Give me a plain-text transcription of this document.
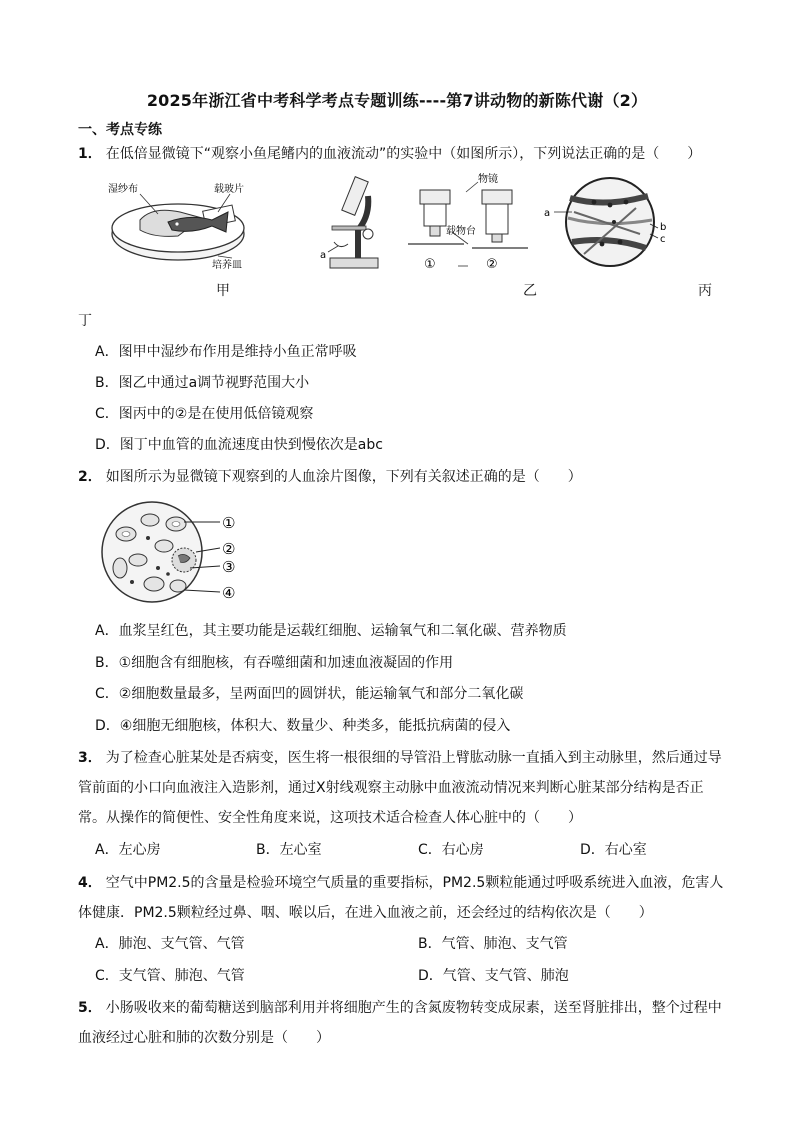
2025年浙江省中考科学考点专题训练----第7讲动物的新陈代谢（2）
一、考点专练
1． 在低倍显微镜下“观察小鱼尾鳍内的血液流动”的实验中（如图所示），下列说法正确的是（　　）
湿纱布	载玻片
培养皿
a
物镜
载物台
①	②
a
b
c
甲	乙	丙
丁
A．图甲中湿纱布作用是维持小鱼正常呼吸
B．图乙中通过a调节视野范围大小
C．图丙中的②是在使用低倍镜观察
D．图丁中血管的血流速度由快到慢依次是abc
2． 如图所示为显微镜下观察到的人血涂片图像，下列有关叙述正确的是（　　）
①
②
③
④
A．血浆呈红色，其主要功能是运载红细胞、运输氧气和二氧化碳、营养物质
B．①细胞含有细胞核，有吞噬细菌和加速血液凝固的作用
C．②细胞数量最多，呈两面凹的圆饼状，能运输氧气和部分二氧化碳
D．④细胞无细胞核，体积大、数量少、种类多，能抵抗病菌的侵入
3． 为了检查心脏某处是否病变，医生将一根很细的导管沿上臂肱动脉一直插入到主动脉里，然后通过导
管前面的小口向血液注入造影剂，通过X射线观察主动脉中血液流动情况来判断心脏某部分结构是否正
常。从操作的简便性、安全性角度来说，这项技术适合检查人体心脏中的（　　）
A．左心房	B．左心室	C．右心房	D．右心室
4． 空气中PM2.5的含量是检验环境空气质量的重要指标，PM2.5颗粒能通过呼吸系统进入血液，危害人
体健康．PM2.5颗粒经过鼻、咽、喉以后，在进入血液之前，还会经过的结构依次是（　　）
A．肺泡、支气管、气管	B．气管、肺泡、支气管
C．支气管、肺泡、气管	D．气管、支气管、肺泡
5． 小肠吸收来的葡萄糖送到脑部利用并将细胞产生的含氮废物转变成尿素，送至肾脏排出，整个过程中
血液经过心脏和肺的次数分别是（　　）
